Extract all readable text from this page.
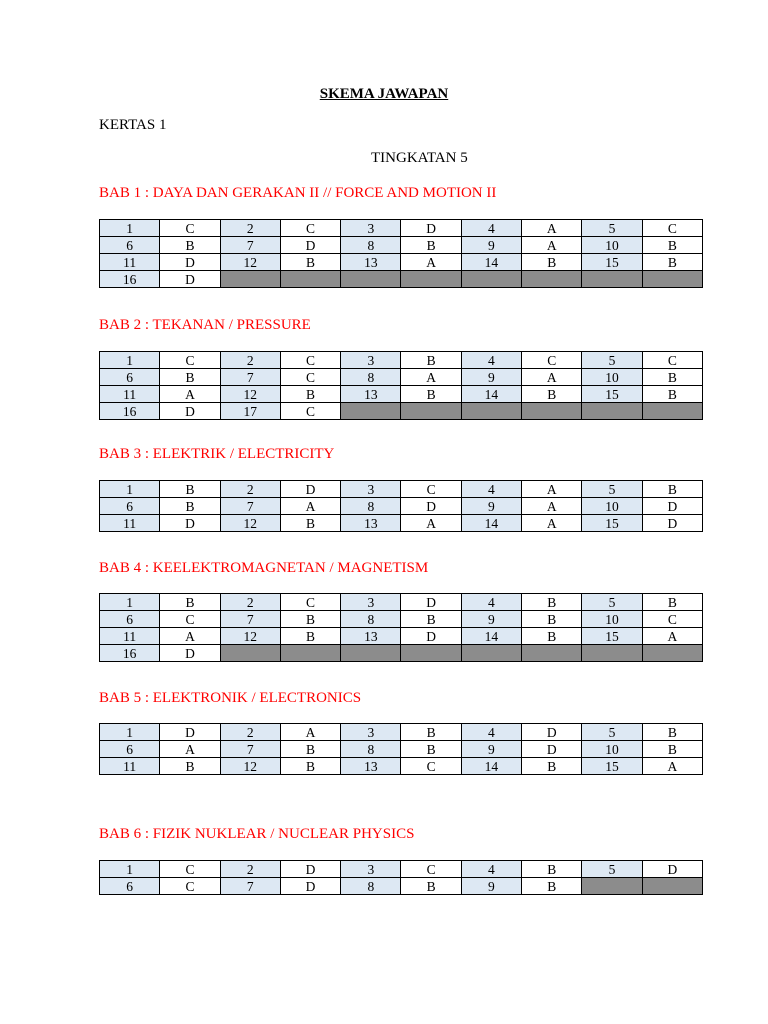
SKEMA JAWAPAN
KERTAS 1
TINGKATAN 5
BAB 1 : DAYA DAN GERAKAN II // FORCE AND MOTION II
1	C	2	C	3	D	4	A	5	C
6	B	7	D	8	B	9	A	10	B
11	D	12	B	13	A	14	B	15	B
16	D								
BAB 2 : TEKANAN / PRESSURE
1	C	2	C	3	B	4	C	5	C
6	B	7	C	8	A	9	A	10	B
11	A	12	B	13	B	14	B	15	B
16	D	17	C						
BAB 3 : ELEKTRIK / ELECTRICITY
1	B	2	D	3	C	4	A	5	B
6	B	7	A	8	D	9	A	10	D
11	D	12	B	13	A	14	A	15	D
BAB 4 : KEELEKTROMAGNETAN / MAGNETISM
1	B	2	C	3	D	4	B	5	B
6	C	7	B	8	B	9	B	10	C
11	A	12	B	13	D	14	B	15	A
16	D								
BAB 5 : ELEKTRONIK / ELECTRONICS
1	D	2	A	3	B	4	D	5	B
6	A	7	B	8	B	9	D	10	B
11	B	12	B	13	C	14	B	15	A
BAB 6 : FIZIK NUKLEAR / NUCLEAR PHYSICS
1	C	2	D	3	C	4	B	5	D
6	C	7	D	8	B	9	B		
